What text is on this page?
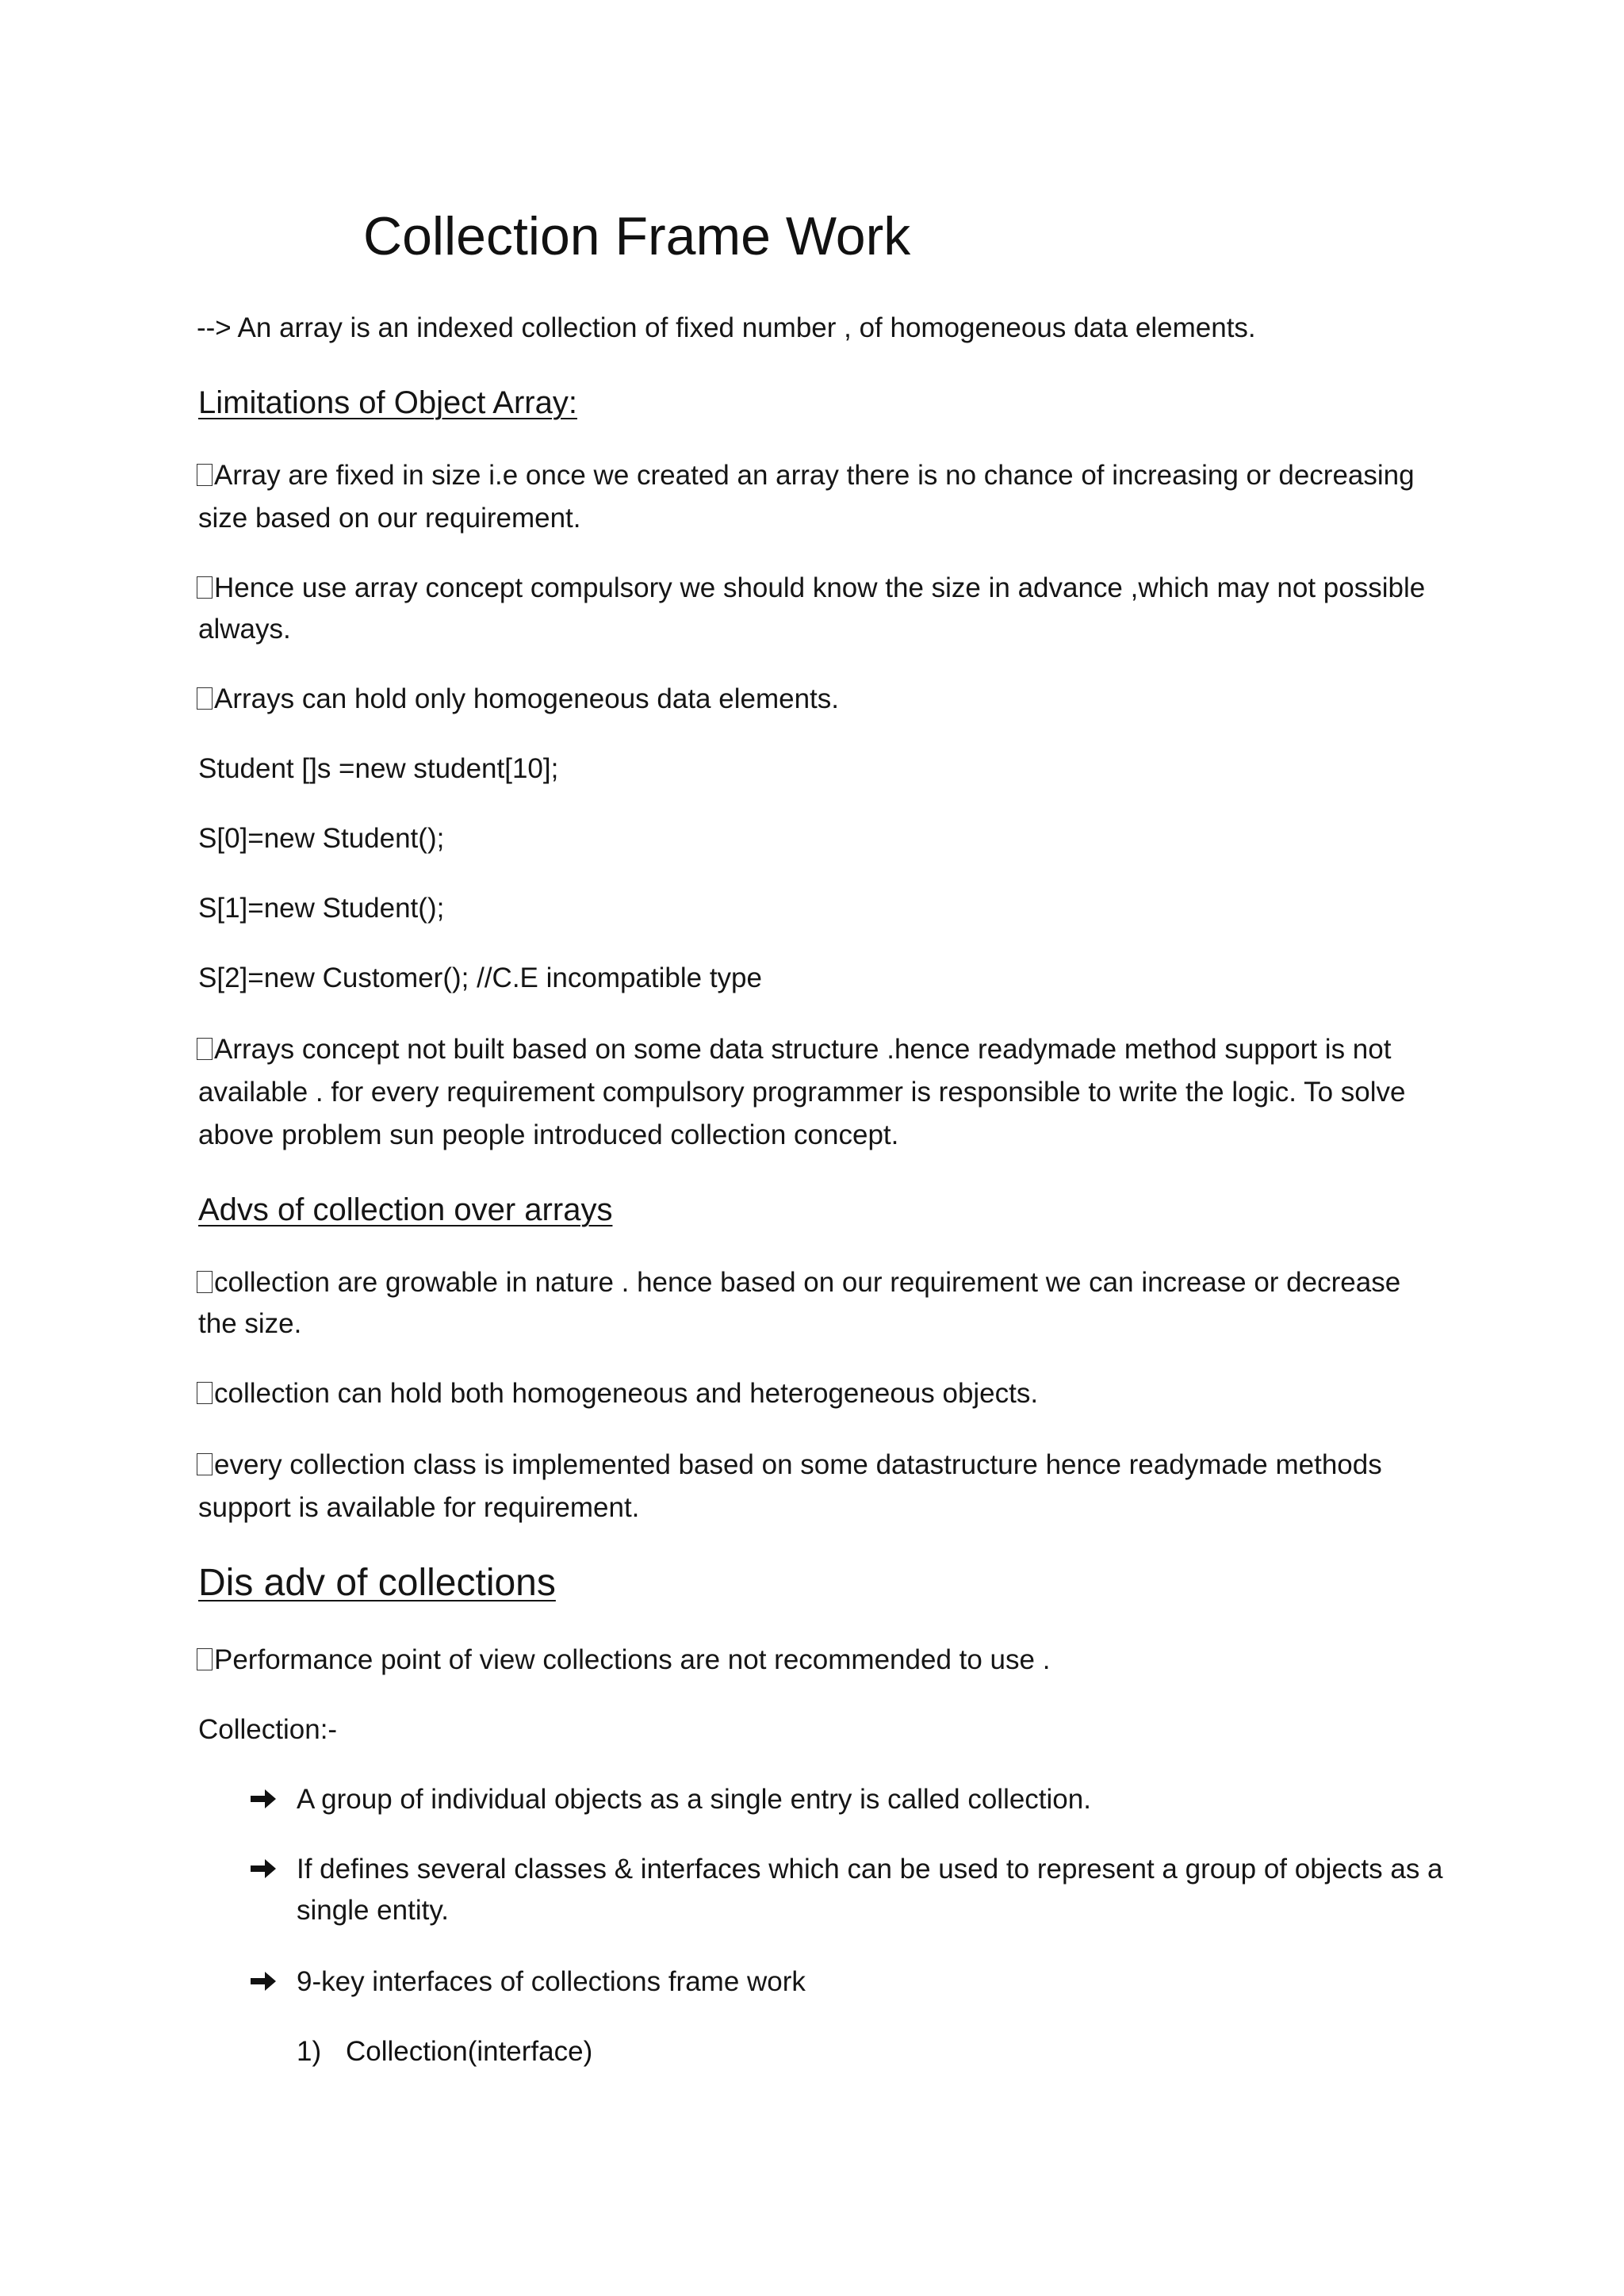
Collection Frame Work
--> An array is an indexed collection of fixed number , of homogeneous data elements.
Limitations of Object Array:
Array are fixed in size i.e once we created an array there is no chance of increasing or decreasing
size based on our requirement.
Hence use array concept compulsory we should know the size in advance ,which may not possible
always.
Arrays can hold only homogeneous data elements.
Student []s =new student[10];
S[0]=new Student();
S[1]=new Student();
S[2]=new Customer(); //C.E incompatible type
Arrays concept not built based on some data structure .hence readymade method support is not
available . for every requirement compulsory programmer is responsible to write the logic. To solve
above problem sun people introduced collection concept.
Advs of collection over arrays
collection are growable in nature . hence based on our requirement we can increase or decrease
the size.
collection can hold both homogeneous and heterogeneous objects.
every collection class is implemented based on some datastructure hence readymade methods
support is available for requirement.
Dis adv of collections
Performance point of view collections are not recommended to use .
Collection:-
A group of individual objects as a single entry is called collection.
If defines several classes & interfaces which can be used to represent a group of objects as a
single entity.
9-key interfaces of collections frame work
1) Collection(interface)
